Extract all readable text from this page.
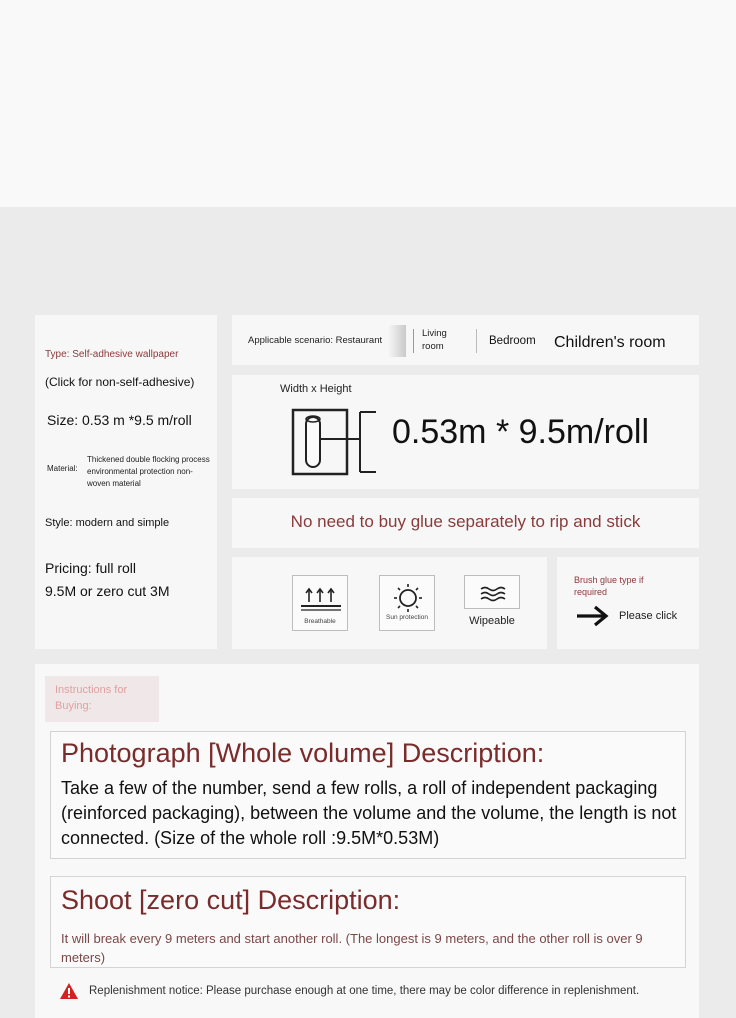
Type: Self-adhesive wallpaper
(Click for non-self-adhesive)
Size: 0.53 m *9.5 m/roll
Material:
Thickened double flocking process environmental protection non-woven material
Style: modern and simple
Pricing: full roll
9.5M or zero cut 3M
Applicable scenario: Restaurant
Living room	Bedroom Children's room
Width x Height
0.53m * 9.5m/roll
No need to buy glue separately to rip and stick
Breathable
Sun protection	Wipeable
Brush glue type if required
Please click
Instructions for Buying:
Photograph [Whole volume] Description:
Take a few of the number, send a few rolls, a roll of independent packaging (reinforced packaging), between the volume and the volume, the length is not connected. (Size of the whole roll :9.5M*0.53M)
Shoot [zero cut] Description:
It will break every 9 meters and start another roll. (The longest is 9 meters, and the other roll is over 9 meters)
Replenishment notice: Please purchase enough at one time, there may be color difference in replenishment.
